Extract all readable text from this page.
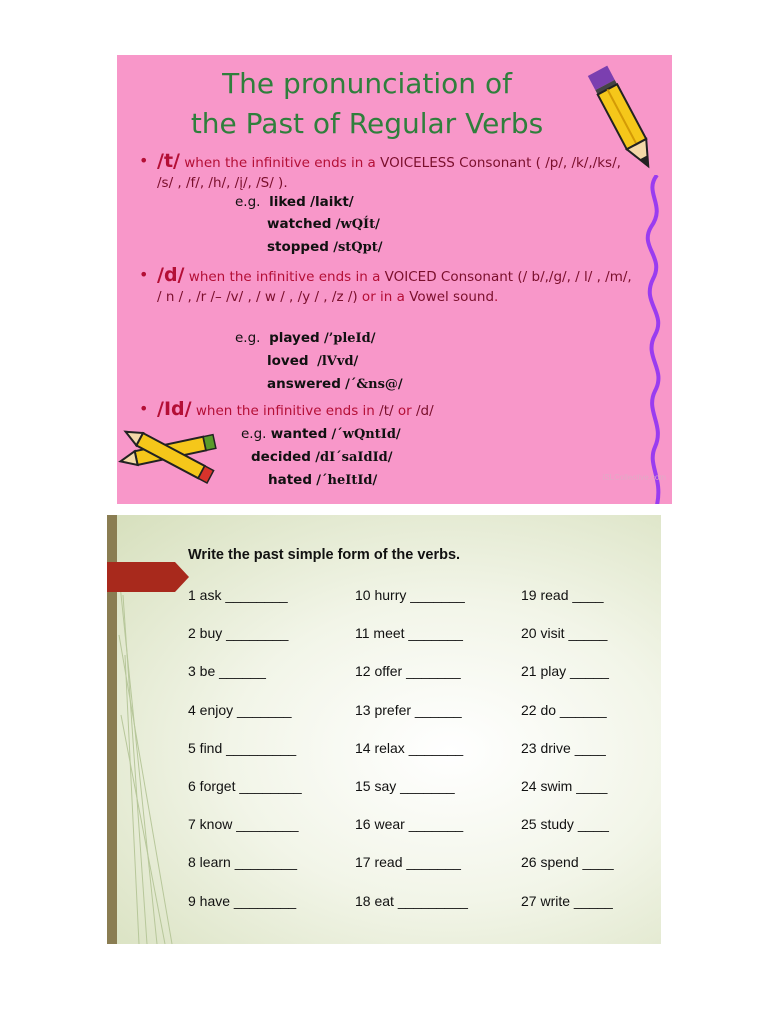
The pronunciation of
the Past of Regular Verbs
• /t/ when the infinitive ends in a VOICELESS Consonant ( /p/, /k/,/ks/, /s/ , /f/, /h/, /į/, /S/ ).
e.g. liked /laikt/
watched /wQÍt/
stopped /stQpt/
• /d/ when the infinitive ends in a VOICED Consonant (/ b/,/g/, / l/ , /m/, / n / , /r /– /v/ , / w / , /y / , /z /) or in a Vowel sound.
e.g. played /’pleId/
loved /lVvd/
answered /´&ns@/
• /Id/ when the infinitive ends in /t/ or /d/
e.g. wanted /´wQntId/
decided /dI´saIdId/
hated /´heItId/	iSLCollective.com
Write the past simple form of the verbs.
1 ask ________
2 buy ________
3 be ______
4 enjoy _______
5 find _________
6 forget ________
7 know ________
8 learn ________
9 have ________
10 hurry _______
11 meet _______
12 offer _______
13 prefer ______
14 relax _______
15 say _______
16 wear _______
17 read _______
18 eat _________
19 read ____
20 visit _____
21 play _____
22 do ______
23 drive ____
24 swim ____
25 study ____
26 spend ____
27 write _____
